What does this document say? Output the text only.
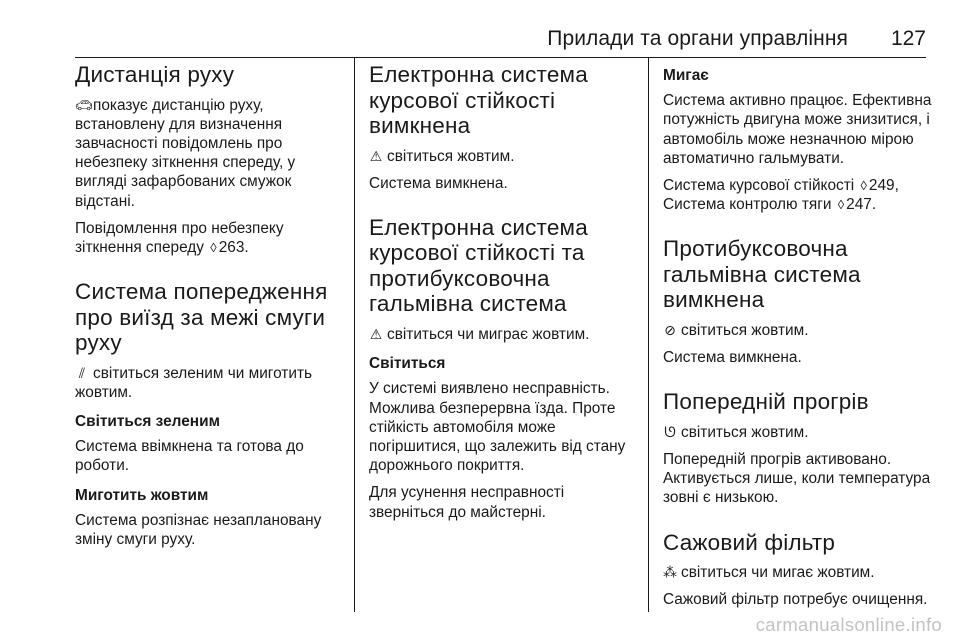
Прилади та органи управління 127
Дистанція руху

🚗︎показує дистанцію руху, встановлену для визначення завчасності повідомлень про небезпеку зіткнення спереду, у вигляді зафарбованих смужок відстані.

Повідомлення про небезпеку зіткнення спереду ◊ 263.

Система попередження про виїзд за межі смуги руху

⫽ світиться зеленим чи миготить жовтим.

Світиться зеленим

Система ввімкнена та готова до роботи.

Миготить жовтим

Система розпізнає незаплановану зміну смуги руху.

Електронна система курсової стійкості вимкнена

⚠ світиться жовтим.

Система вимкнена.

Електронна система курсової стійкості та протибуксовочна гальмівна система

⚠ світиться чи миграє жовтим.

Світиться

У системі виявлено несправність. Можлива безперервна їзда. Проте стійкість автомобіля може погіршитися, що залежить від стану дорожнього покриття.

Для усунення несправності зверніться до майстерні.

Мигає

Система активно працює. Ефективна потужність двигуна може знизитися, і автомобіль може незначною мірою автоматично гальмувати.

Система курсової стійкості ◊ 249,
Система контролю тяги ◊ 247.

Протибуксовочна гальмівна система вимкнена

⊘ світиться жовтим.

Система вимкнена.

Попередній прогрів

ᘎ світиться жовтим.

Попередній прогрів активовано. Активується лише, коли температура зовні є низькою.

Сажовий фільтр

⁂ світиться чи мигає жовтим.

Сажовий фільтр потребує очищення.

carmanualsonline.info
